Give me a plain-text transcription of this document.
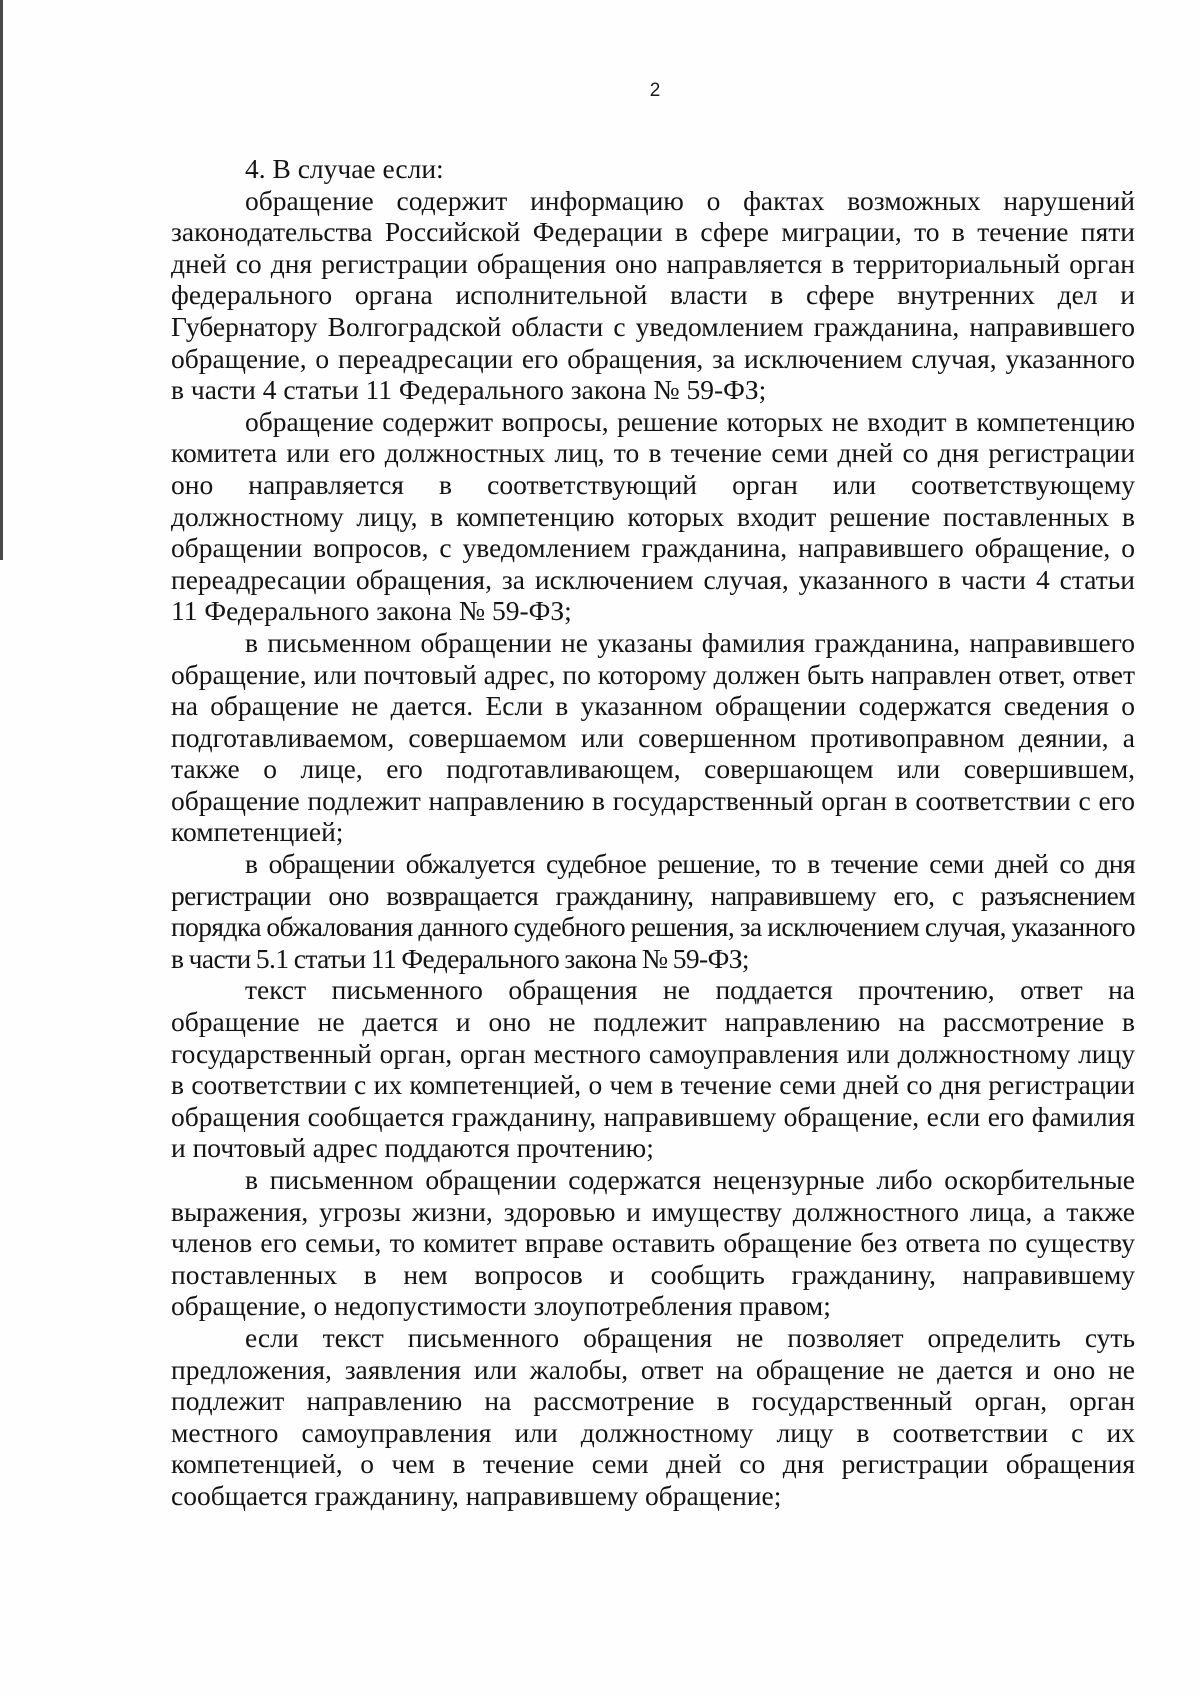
2

4. В случае если:

обращение содержит информацию о фактах возможных нарушений законодательства Российской Федерации в сфере миграции, то в течение пяти дней со дня регистрации обращения оно направляется в территориальный орган федерального органа исполнительной власти в сфере внутренних дел и Губернатору Волгоградской области с уведомлением гражданина, направившего обращение, о переадресации его обращения, за исключением случая, указанного в части 4 статьи 11 Федерального закона № 59-ФЗ;

обращение содержит вопросы, решение которых не входит в компетенцию комитета или его должностных лиц, то в течение семи дней со дня регистрации оно направляется в соответствующий орган или соответствующему должностному лицу, в компетенцию которых входит решение поставленных в обращении вопросов, с уведомлением гражданина, направившего обращение, о переадресации обращения, за исключением случая, указанного в части 4 статьи 11 Федерального закона № 59-ФЗ;

в письменном обращении не указаны фамилия гражданина, направившего обращение, или почтовый адрес, по которому должен быть направлен ответ, ответ на обращение не дается. Если в указанном обращении содержатся сведения о подготавливаемом, совершаемом или совершенном противоправном деянии, а также о лице, его подготавливающем, совершающем или совершившем, обращение подлежит направлению в государственный орган в соответствии с его компетенцией;

в обращении обжалуется судебное решение, то в течение семи дней со дня регистрации оно возвращается гражданину, направившему его, с разъяснением порядка обжалования данного судебного решения, за исключением случая, указанного в части 5.1 статьи 11 Федерального закона № 59-ФЗ;

текст письменного обращения не поддается прочтению, ответ на обращение не дается и оно не подлежит направлению на рассмотрение в государственный орган, орган местного самоуправления или должностному лицу в соответствии с их компетенцией, о чем в течение семи дней со дня регистрации обращения сообщается гражданину, направившему обращение, если его фамилия и почтовый адрес поддаются прочтению;

в письменном обращении содержатся нецензурные либо оскорбительные выражения, угрозы жизни, здоровью и имуществу должностного лица, а также членов его семьи, то комитет вправе оставить обращение без ответа по существу поставленных в нем вопросов и сообщить гражданину, направившему обращение, о недопустимости злоупотребления правом;

если текст письменного обращения не позволяет определить суть предложения, заявления или жалобы, ответ на обращение не дается и оно не подлежит направлению на рассмотрение в государственный орган, орган местного самоуправления или должностному лицу в соответствии с их компетенцией, о чем в течение семи дней со дня регистрации обращения сообщается гражданину, направившему обращение;
